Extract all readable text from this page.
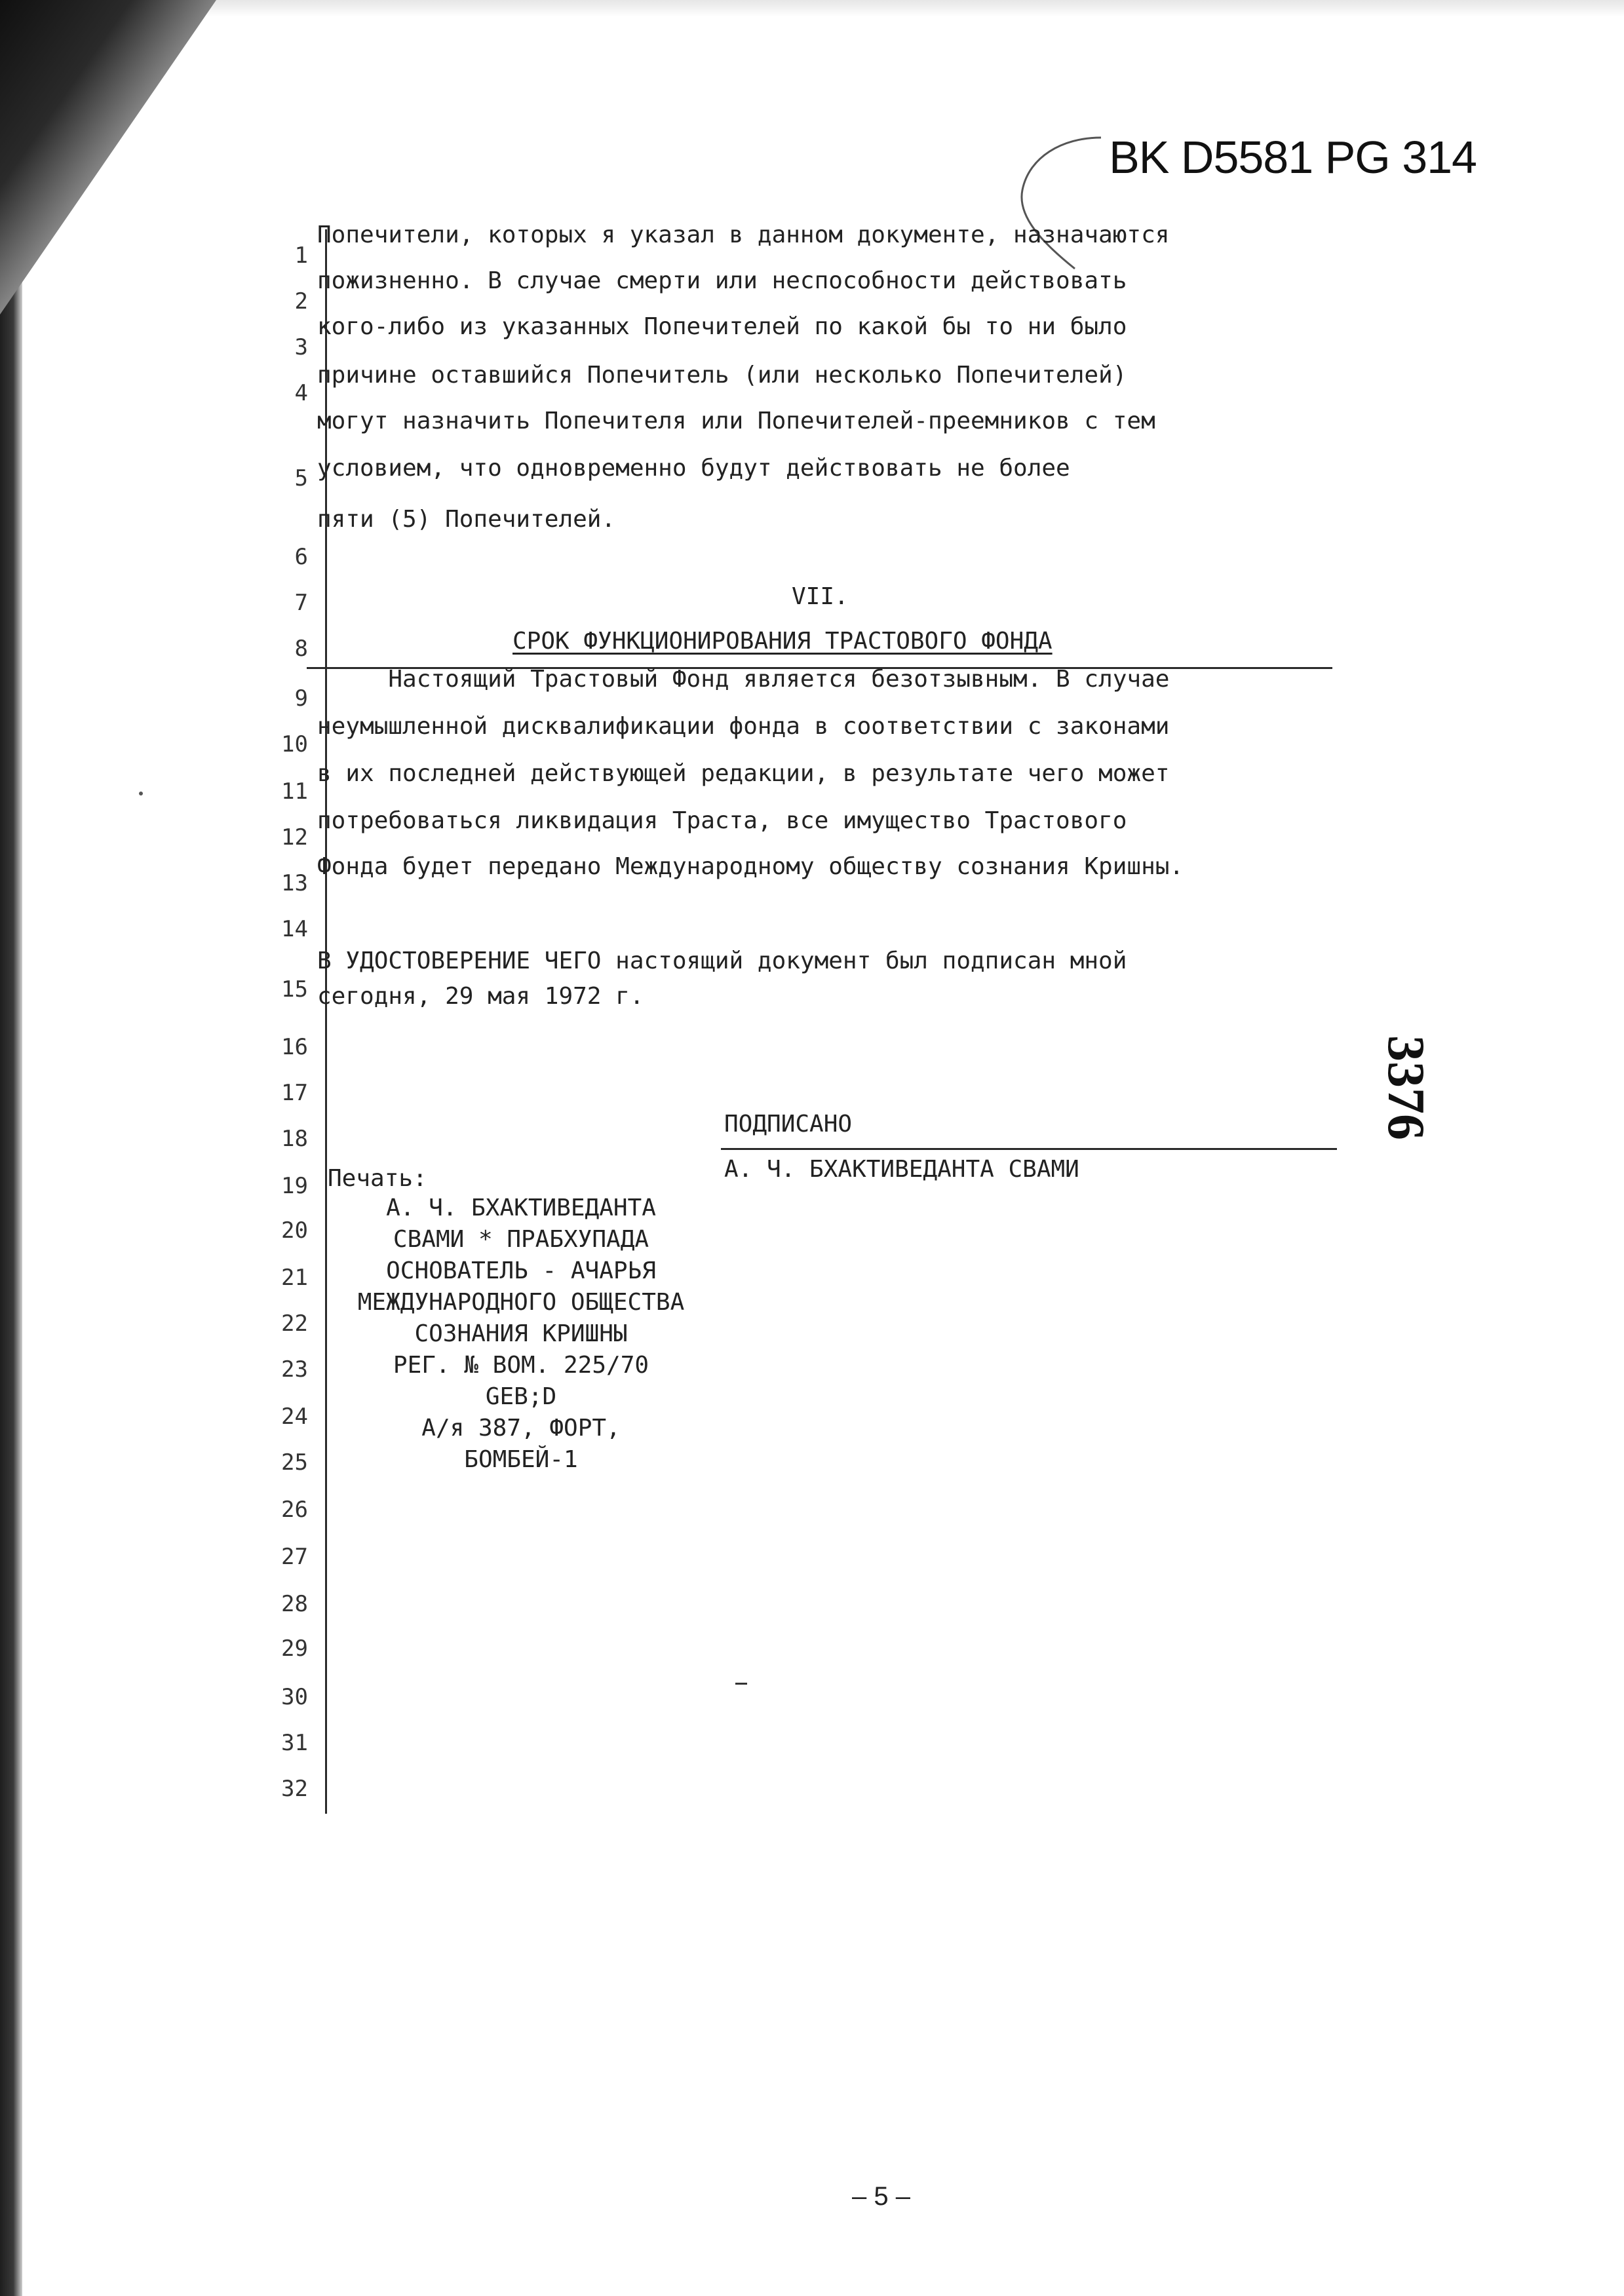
BK D5581 PG 314
3376
1
2
3
4
5
6
7
8
9
10
11
12
13
14
15
16
17
18
19
20
21
22
23
24
25
26
27
28
29
30
31
32
Попечители, которых я указал в данном документе, назначаются
пожизненно. В случае смерти или неспособности действовать
кого-либо из указанных Попечителей по какой бы то ни было
причине оставшийся Попечитель (или несколько Попечителей)
могут назначить Попечителя или Попечителей-преемников с тем
условием, что одновременно будут действовать не более
пяти (5) Попечителей.
VII.
СРОК ФУНКЦИОНИРОВАНИЯ ТРАСТОВОГО ФОНДА
Настоящий Трастовый Фонд является безотзывным. В случае
неумышленной дисквалификации фонда в соответствии с законами
в их последней действующей редакции, в результате чего может
потребоваться ликвидация Траста, все имущество Трастового
Фонда будет передано Международному обществу сознания Кришны.
В УДОСТОВЕРЕНИЕ ЧЕГО настоящий документ был подписан мной
сегодня, 29 мая 1972 г.
ПОДПИСАНО
А. Ч. БХАКТИВЕДАНТА СВАМИ
Печать:
А. Ч. БХАКТИВЕДАНТА
СВАМИ * ПРАБХУПАДА
ОСНОВАТЕЛЬ - АЧАРЬЯ
МЕЖДУНАРОДНОГО ОБЩЕСТВА
СОЗНАНИЯ КРИШНЫ
РЕГ. № ВОМ. 225/70
GEB;D
А/я 387, ФОРТ,
БОМБЕЙ-1
– 5 –
